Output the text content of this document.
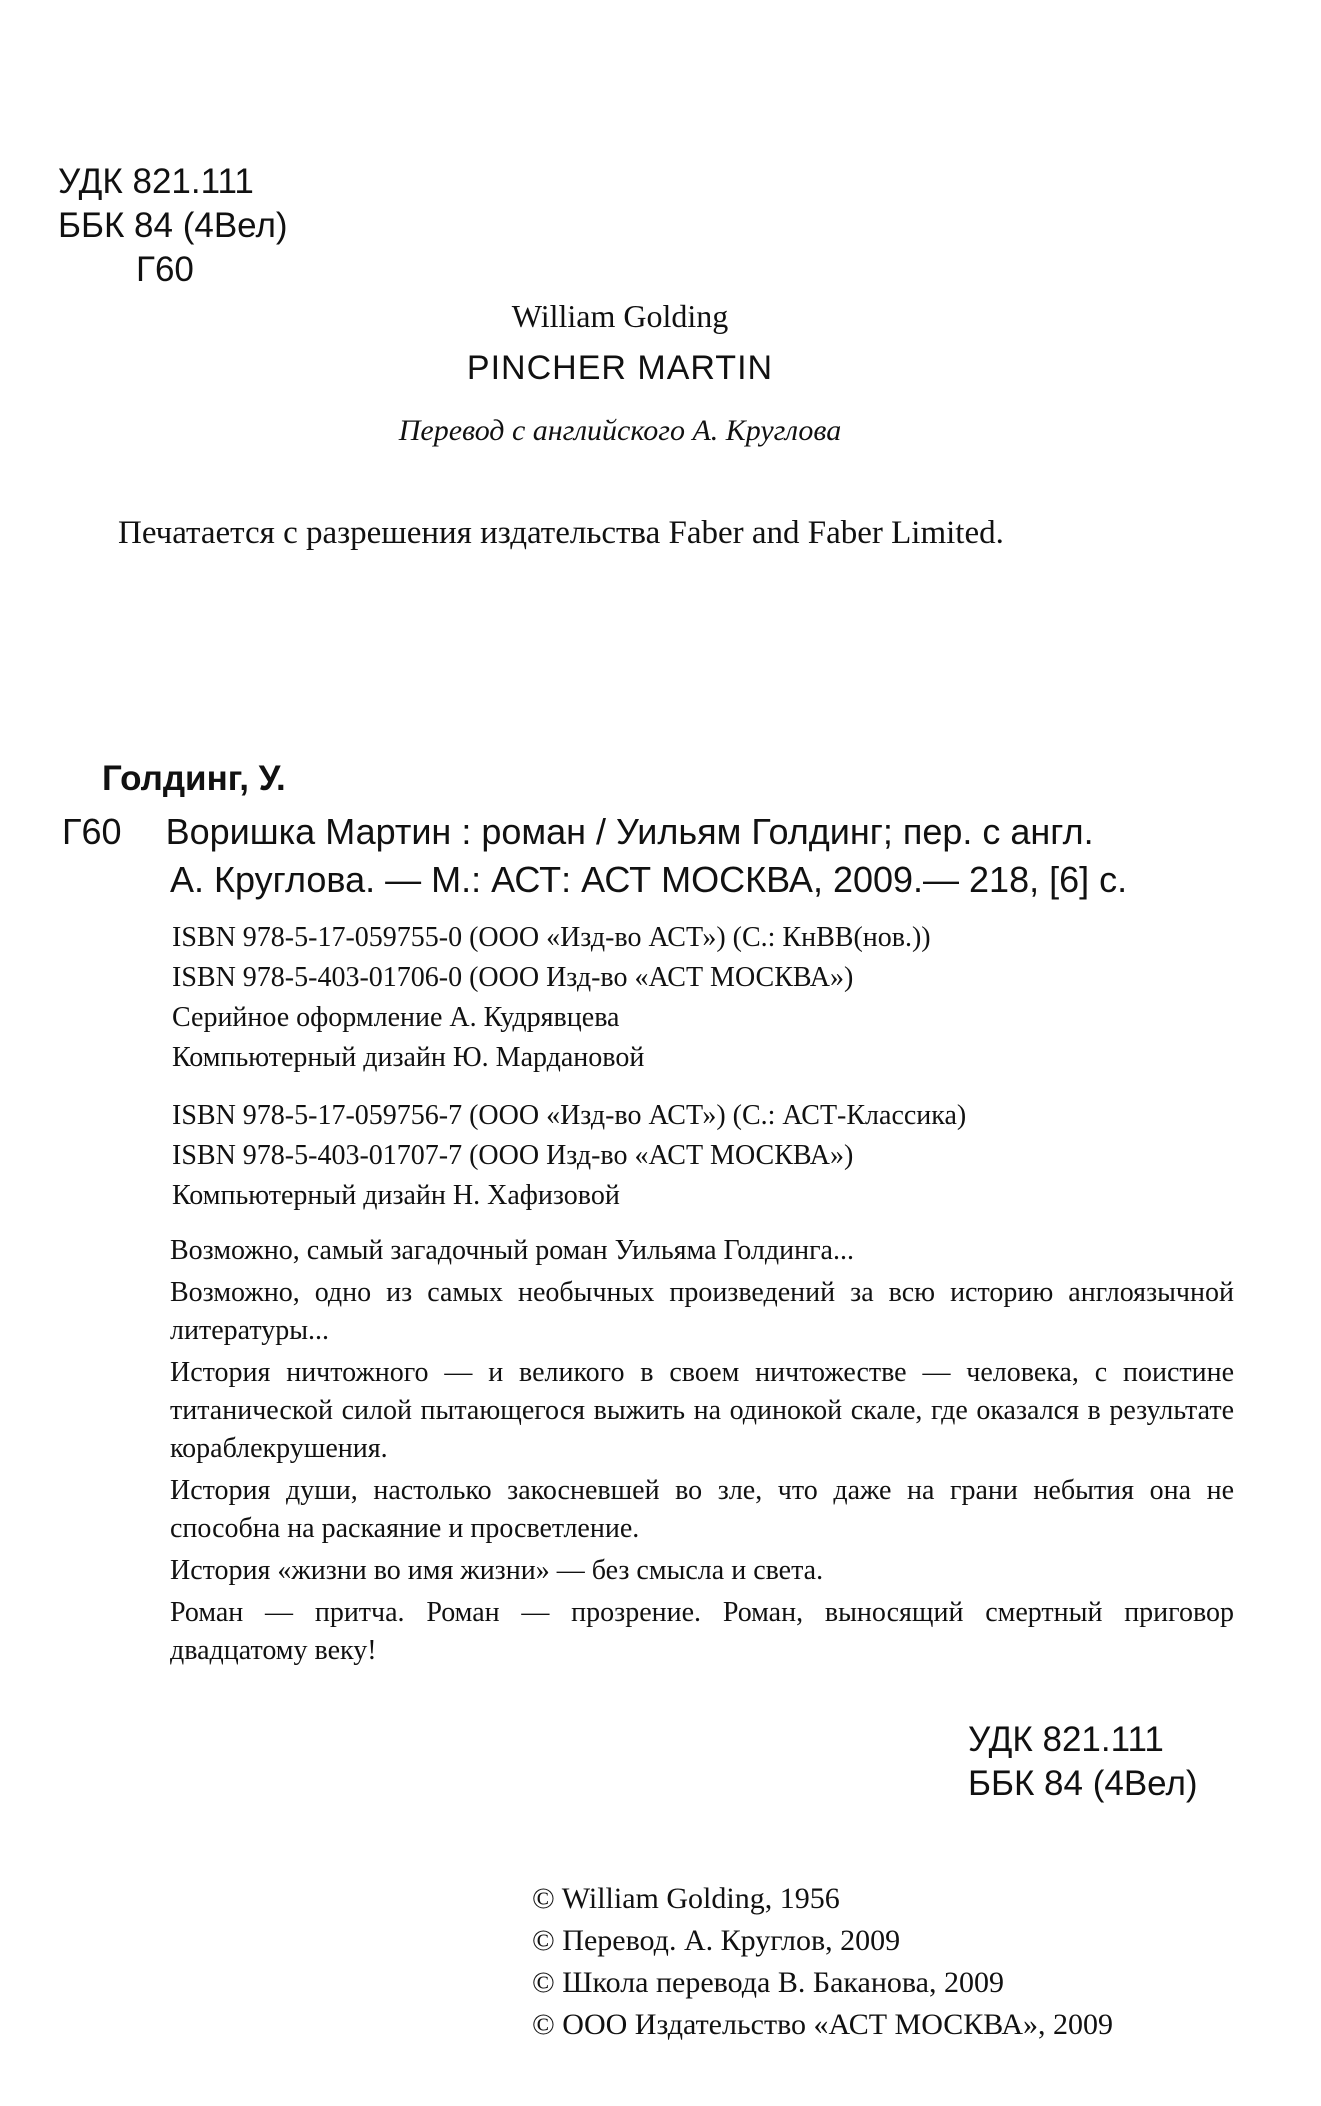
УДК 821.111
ББК 84 (4Вел)
Г60
William Golding
PINCHER MARTIN
Перевод с английского А. Круглова
Печатается с разрешения издательства Faber and Faber Limited.
Голдинг, У.
Г60 Воришка Мартин : роман / Уильям Голдинг; пер. с англ.
А. Круглова. — М.: АСТ: АСТ МОСКВА, 2009.— 218, [6] с.
ISBN 978-5-17-059755-0 (ООО «Изд-во АСТ») (С.: КнВВ(нов.))
ISBN 978-5-403-01706-0 (ООО Изд-во «АСТ МОСКВА»)
Серийное оформление А. Кудрявцева
Компьютерный дизайн Ю. Мардановой
ISBN 978-5-17-059756-7 (ООО «Изд-во АСТ») (С.: АСТ-Классика)
ISBN 978-5-403-01707-7 (ООО Изд-во «АСТ МОСКВА»)
Компьютерный дизайн Н. Хафизовой

Возможно, самый загадочный роман Уильяма Голдинга...

Возможно, одно из самых необычных произведений за всю историю англоязычной литературы...

История ничтожного — и великого в своем ничтожестве — человека, с поистине титанической силой пытающегося выжить на одинокой скале, где оказался в результате кораблекрушения.

История души, настолько закосневшей во зле, что даже на грани небытия она не способна на раскаяние и просветление.

История «жизни во имя жизни» — без смысла и света.

Роман — притча. Роман — прозрение. Роман, выносящий смертный приговор двадцатому веку!

УДК 821.111
ББК 84 (4Вел)
© William Golding, 1956
© Перевод. А. Круглов, 2009
© Школа перевода В. Баканова, 2009
© ООО Издательство «АСТ МОСКВА», 2009
